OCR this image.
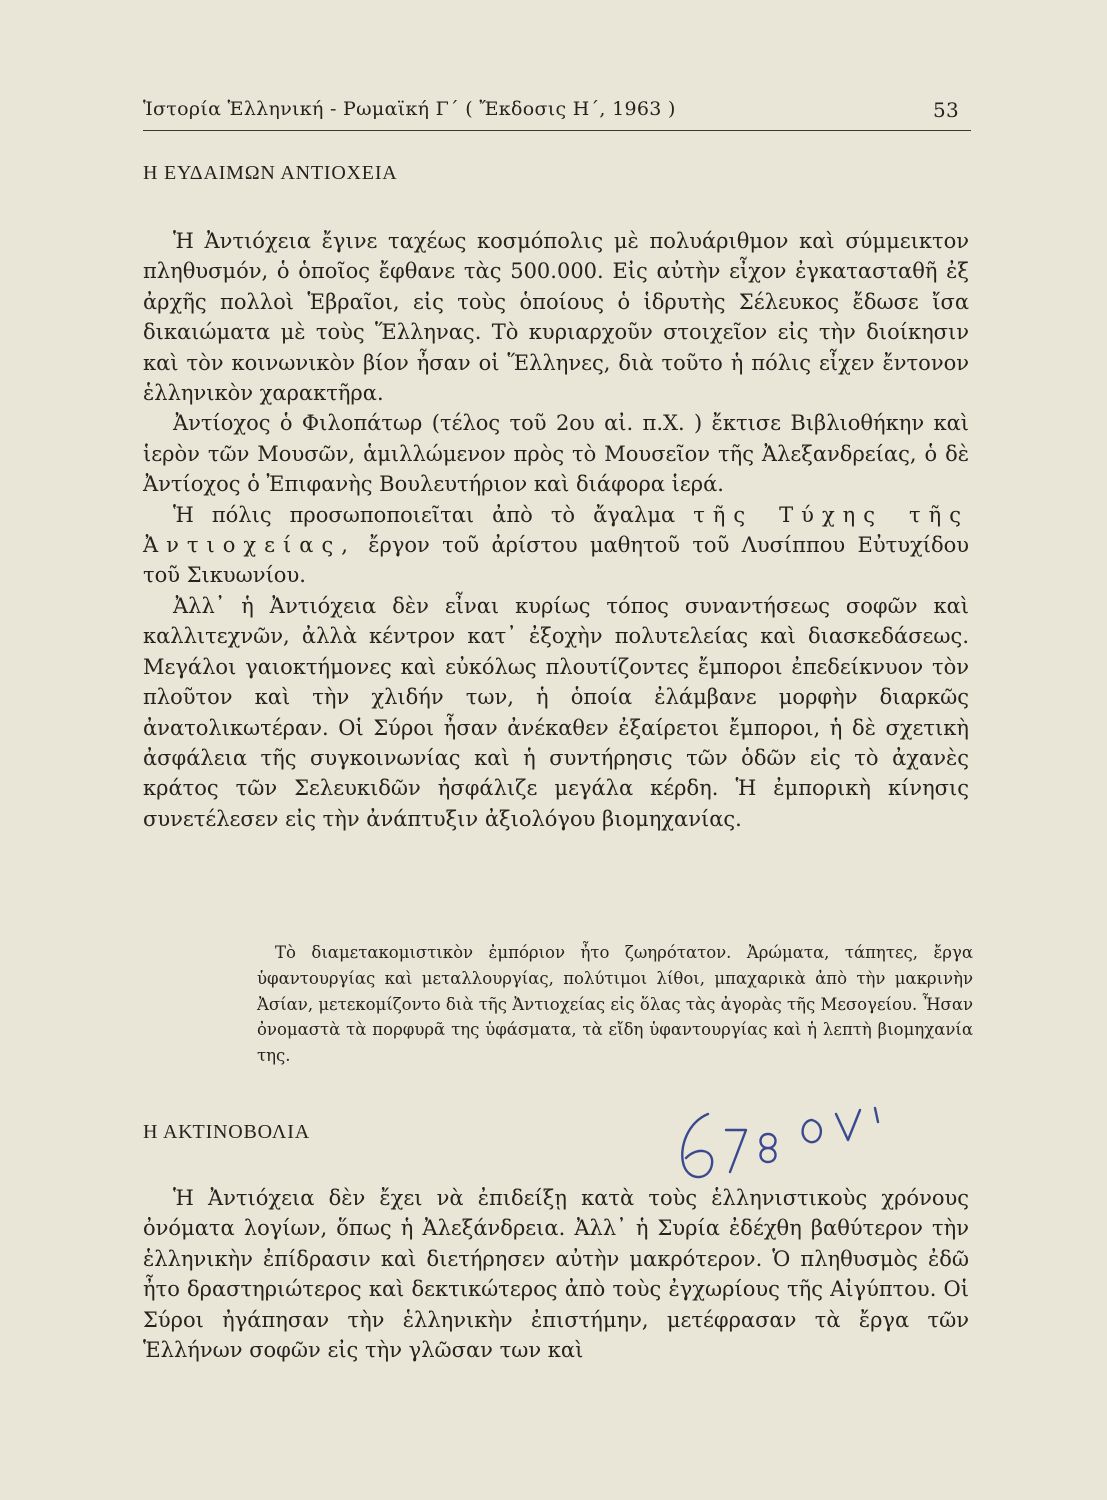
Ἱστορία Ἑλληνική - Ρωμαϊκή Γ΄ ( Ἔκδοσις Η΄, 1963 )	53
Η ΕΥΔΑΙΜΩΝ ΑΝΤΙΟΧΕΙΑ

Ἡ Ἀντιόχεια ἔγινε ταχέως κοσμόπολις μὲ πολυάριθμον καὶ σύμμεικτον πληθυσμόν, ὁ ὁποῖος ἔφθανε τὰς 500.000. Εἰς αὐτὴν εἶχον ἐγκατασταθῆ ἐξ ἀρχῆς πολλοὶ Ἑβραῖοι, εἰς τοὺς ὁποίους ὁ ἱδρυτὴς Σέλευκος ἔδωσε ἴσα δικαιώματα μὲ τοὺς Ἕλληνας. Τὸ κυριαρχοῦν στοιχεῖον εἰς τὴν διοίκησιν καὶ τὸν κοινωνικὸν βίον ἦσαν οἱ Ἕλληνες, διὰ τοῦτο ἡ πόλις εἶχεν ἔντονον ἑλληνικὸν χαρακτῆρα.

Ἀντίοχος ὁ Φιλοπάτωρ (τέλος τοῦ 2ου αἰ. π.Χ. ) ἔκτισε Βιβλιοθήκην καὶ ἱερὸν τῶν Μουσῶν, ἁμιλλώμενον πρὸς τὸ Μουσεῖον τῆς Ἀλεξανδρείας, ὁ δὲ Ἀντίοχος ὁ Ἐπιφανὴς Βουλευτήριον καὶ διάφορα ἱερά.

Ἡ πόλις προσωποποιεῖται ἀπὸ τὸ ἄγαλμα τῆς Τύχης τῆς Ἀντιοχείας, ἔργον τοῦ ἀρίστου μαθητοῦ τοῦ Λυσίππου Εὐτυχίδου τοῦ Σικυωνίου.

Ἀλλ᾽ ἡ Ἀντιόχεια δὲν εἶναι κυρίως τόπος συναντήσεως σοφῶν καὶ καλλιτεχνῶν, ἀλλὰ κέντρον κατ᾽ ἐξοχὴν πολυτελείας καὶ διασκεδάσεως. Μεγάλοι γαιοκτήμονες καὶ εὐκόλως πλουτίζοντες ἔμποροι ἐπεδείκνυον τὸν πλοῦτον καὶ τὴν χλιδήν των, ἡ ὁποία ἐλάμβανε μορφὴν διαρκῶς ἀνατολικωτέραν. Οἱ Σύροι ἦσαν ἀνέκαθεν ἐξαίρετοι ἔμποροι, ἡ δὲ σχετικὴ ἀσφάλεια τῆς συγκοινωνίας καὶ ἡ συντήρησις τῶν ὁδῶν εἰς τὸ ἀχανὲς κράτος τῶν Σελευκιδῶν ἠσφάλιζε μεγάλα κέρδη. Ἡ ἐμπορικὴ κίνησις συνετέλεσεν εἰς τὴν ἀνάπτυξιν ἀξιολόγου βιομηχανίας.

Τὸ διαμετακομιστικὸν ἐμπόριον ἦτο ζωηρότατον. Ἀρώματα, τάπητες, ἔργα ὑφαντουργίας καὶ μεταλλουργίας, πολύτιμοι λίθοι, μπαχαρικὰ ἀπὸ τὴν μακρινὴν Ἀσίαν, μετεκομίζοντο διὰ τῆς Ἀντιοχείας εἰς ὅλας τὰς ἀγορὰς τῆς Μεσογείου. Ἦσαν ὀνομαστὰ τὰ πορφυρᾶ της ὑφάσματα, τὰ εἴδη ὑφαντουργίας καὶ ἡ λεπτὴ βιομηχανία της.

Η ΑΚΤΙΝΟΒΟΛΙΑ

Ἡ Ἀντιόχεια δὲν ἔχει νὰ ἐπιδείξῃ κατὰ τοὺς ἑλληνιστικοὺς χρόνους ὀνόματα λογίων, ὅπως ἡ Ἀλεξάνδρεια. Ἀλλ᾽ ἡ Συρία ἐδέχθη βαθύτερον τὴν ἑλληνικὴν ἐπίδρασιν καὶ διετήρησεν αὐτὴν μακρότερον. Ὁ πληθυσμὸς ἐδῶ ἦτο δραστηριώτερος καὶ δεκτικώτερος ἀπὸ τοὺς ἐγχωρίους τῆς Αἰγύπτου. Οἱ Σύροι ἠγάπησαν τὴν ἑλληνικὴν ἐπιστήμην, μετέφρασαν τὰ ἔργα τῶν Ἑλλήνων σοφῶν εἰς τὴν γλῶσαν των καὶ
